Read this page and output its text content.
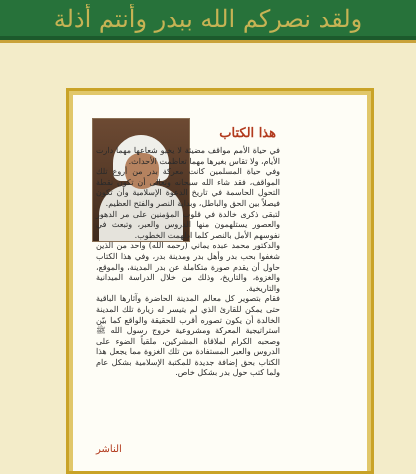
ولقد نصركم الله ببدر وأنتم أذلة
هذا الكتاب

في حياة الأمم مواقف مضيئة لا يخبو شعاعها مهما دارت الأيام، ولا تقاس بغيرها مهما تعاظمت الأحداث.

وفي حياة المسلمين كانت معركة بدر من أروع تلك المواقف، فقد شاء الله سبحانه وتعالى أن تكون نقطة التحول الحاسمة في تاريخ الدعوة الإسلامية وأن تكون فيصلاً بين الحق والباطل، وبداية النصر والفتح العظيم.

لتبقى ذكرى خالدة في قلوب المؤمنين على مر الدهور والعصور يستلهمون منها الدروس والعبر، وتبعث في نفوسهم الأمل بالنصر كلما ادلهمت الخطوب.

والدكتور محمد عبده يماني (رحمه الله) واحد من الذين شغفوا بحب بدر وأهل بدر ومدينة بدر، وفي هذا الكتاب حاول أن يقدم صورة متكاملة عن بدر المدينة، والموقع، والغزوة، والتاريخ، وذلك من خلال الدراسة الميدانية والتاريخية.

فقام بتصوير كل معالم المدينة الحاضرة وآثارها الباقية حتى يمكن للقارئ الذي لم يتيسر له زيارة تلك المدينة الخالدة أن يكون تصوره أقرب للحقيقة والواقع كما بيّن استراتيجية المعركة ومشروعية خروج رسول الله ﷺ وصحبه الكرام لملاقاة المشركين، ملقياً الضوء على الدروس والعبر المستفادة من تلك الغزوة مما يجعل هذا الكتاب بحق إضافة جديدة للمكتبة الإسلامية بشكل عام ولما كتب حول بدر بشكل خاص.

الناشر
